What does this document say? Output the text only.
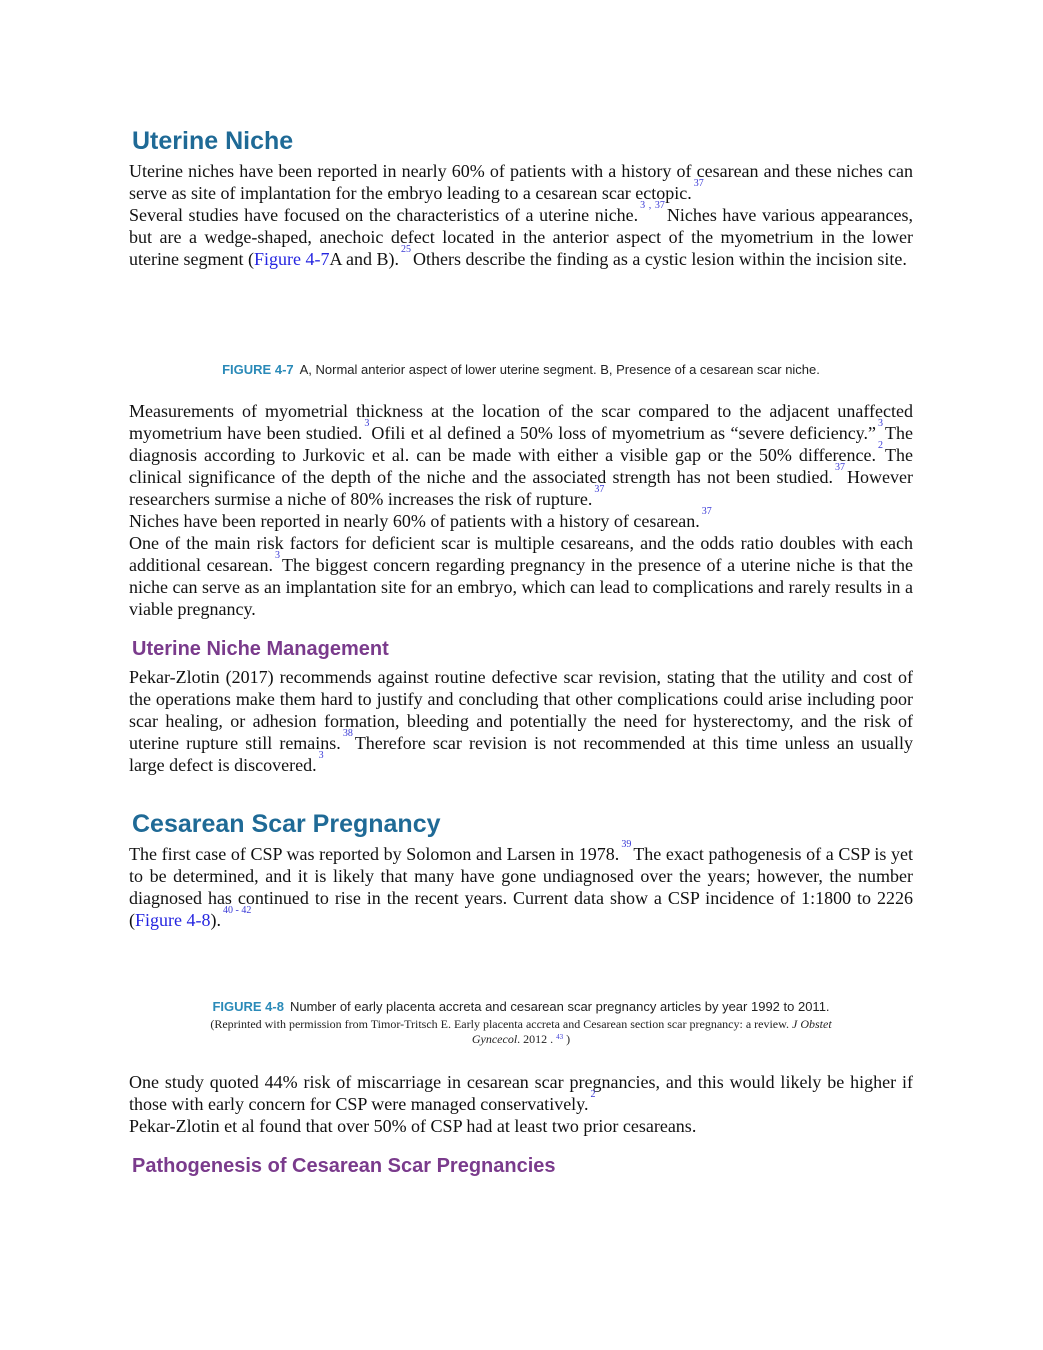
Uterine Niche

Uterine niches have been reported in nearly 60% of patients with a history of cesarean and these niches can serve as site of implantation for the embryo leading to a cesarean scar ectopic. $^{37}$

Several studies have focused on the characteristics of a uterine niche. $^{3 , 37}$ Niches have various appearances, but are a wedge-shaped, anechoic defect located in the anterior aspect of the myometrium in the lower uterine segment (Figure 4-7A and B). $^{25}$ Others describe the finding as a cystic lesion within the incision site.

FIGURE 4-7 A, Normal anterior aspect of lower uterine segment. B, Presence of a cesarean scar niche.

Measurements of myometrial thickness at the location of the scar compared to the adjacent unaffected myometrium have been studied. $^3$ Ofili et al defined a 50% loss of myometrium as “severe deficiency.” $^3$ The diagnosis according to Jurkovic et al. can be made with either a visible gap or the 50% difference. $^2$ The clinical significance of the depth of the niche and the associated strength has not been studied. $^{37}$ However researchers surmise a niche of 80% increases the risk of rupture. $^{37}$

Niches have been reported in nearly 60% of patients with a history of cesarean. $^{37}$

One of the main risk factors for deficient scar is multiple cesareans, and the odds ratio doubles with each additional cesarean. $^3$ The biggest concern regarding pregnancy in the presence of a uterine niche is that the niche can serve as an implantation site for an embryo, which can lead to complications and rarely results in a viable pregnancy.

Uterine Niche Management

Pekar-Zlotin (2017) recommends against routine defective scar revision, stating that the utility and cost of the operations make them hard to justify and concluding that other complications could arise including poor scar healing, or adhesion formation, bleeding and potentially the need for hysterectomy, and the risk of uterine rupture still remains. $^{38}$ Therefore scar revision is not recommended at this time unless an usually large defect is discovered. $^3$

Cesarean Scar Pregnancy

The first case of CSP was reported by Solomon and Larsen in 1978. $^{39}$ The exact pathogenesis of a CSP is yet to be determined, and it is likely that many have gone undiagnosed over the years; however, the number diagnosed has continued to rise in the recent years. Current data show a CSP incidence of 1:1800 to 2226 (Figure 4-8). $^{40 - 42}$

FIGURE 4-8 Number of early placenta accreta and cesarean scar pregnancy articles by year 1992 to 2011.
(Reprinted with permission from Timor-Tritsch E. Early placenta accreta and Cesarean section scar pregnancy: a review. J Obstet Gyncecol. 2012 . $^{43}$ )

One study quoted 44% risk of miscarriage in cesarean scar pregnancies, and this would likely be higher if those with early concern for CSP were managed conservatively. $^2$

Pekar-Zlotin et al found that over 50% of CSP had at least two prior cesareans.

Pathogenesis of Cesarean Scar Pregnancies
